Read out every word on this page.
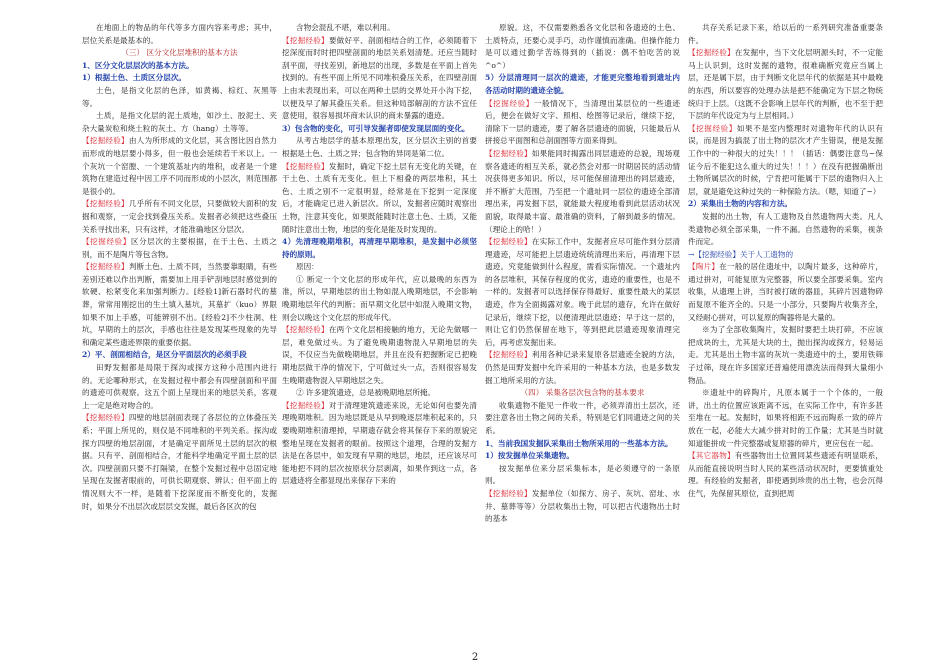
在地面上的物品的年代等多方面内容来考虑；其中，层位关系是最基本的。

（三） 区分文化层堆积的基本方法

1、区分文化层层次的基本方法。

1）根据土色、土质区分层次。

土色，是指文化层的色泽，如黄褐、棕红、灰黑等等。

土质，是指文化层的泥土质地，如沙土、胶泥土、夹杂大量炭粒和烧土粒的灰土、方（hang）土等等。

【挖掘经验】由人为所形成的文化层，其含图比因自然力而形成的地层要小得多，但一般也会延续若干米以上。一个灰坑一个窑膛、一个建筑基址内的堆积，或者是一个建筑物在建造过程中因工序不同而形成的小层次，则范围都是很小的。

【挖掘经验】几乎所有不同文化层，只要做较大面积的发掘和观察，一定会找到叠压关系。发掘者必须把这些叠压关系寻找出来，只有这样，才能准确地区分层次。

【挖掘经验】区分层次的主要根据，在于土色、土质之别，而不是陶片等包含物。

【挖掘经验】判断土色、土质不同，当然要靠眼睛，有些差别还难以作出判断，需要加上用手铲刮地层时感觉到的软硬、松紧变化来加强判断力。[经验1]新石器时代的墓葬，常常用刚挖出的生土填入墓坑，其墓扩（kuo）界限如果不加上手感，可能辨别不出。[经验2]不少柱洞、柱坑，早期的土的层次，手感也往往是发现某些现象的先导和确定某些遗迹界限的重要依据。

2）平、剖面相结合，是区分平面层次的必须手段

田野发掘都是局限于探沟或探方这种小范围内进行的。无论哪种形式，在发掘过程中都会有四壁剖面和平面的遗迹可供观察。这五个面上呈现出来的地层关系，客观上一定是绝对吻合的。

【挖掘经验】四壁的地层剖面表现了各层位的立体叠压关系；平面上所见的，则仅是不同堆积的平列关系。探沟或探方四壁的地层剖面，才是确定平面所见土层的层次的根据。只有平、剖面相结合，才能科学地确定平面土层的层次。四壁剖面只要不打隔梁，在整个发掘过程中总固定地呈现在发掘者眼前的，可供长期观察、辨认；但平面上的情况则大不一样，是随着下挖深度而不断变化的，发掘时，如果分不出层次或层层交发掘，最后各区次的包

含物会混乱不堪，难以利用。

【挖掘经验】要做好平、剖面相结合的工作，必须随着下挖深度而时时把四壁剖面的地层关系划清楚。还应当随时刮平面，寻找差别，新地层的出现，多数是在平面上首先找到的。有些平面上所见不同堆积叠压关系，在四壁剖面上由未表现出来，可以在两种土层的交界处开小沟下挖，以便及早了解其叠压关系。但这种局部解剖的方法不宜任意使用，很容易损坏商未认识的商未暴露的遗迹。

3）包含物的变化，可引导发掘者即使发现层面的变化。

从考古地层学的基本原理出发，区分层次主别的首要根据是土色、土质之异；包含物的异同是第二位。

【挖掘经验】发掘时，确定下挖土层有无变化的关键，在于土色、土质有无变化。但上下相叠的两层堆积，其土色、土质之别不一定很明显，经常是在下挖到一定深度后，才能确定已进入新层次。所以，发掘者应随时观察出土物，注意其变化，如果既能随时注意土色、土质，又能随时注意出土物，地层的变化是能及时发现的。

4）先清理晚期堆积，再清理早期堆积，是发掘中必须坚持的原则。

原因：

① 断定一个文化层的形成年代，应以最晚的东西为准，所以，早期地层的出土物如混入晚期地层，不会影响晚期地层年代的判断；而早期文化层中如混入晚期文物，则会以晚这个文化层的形成年代。

【挖掘经验】在两个文化层相接触的地方，无论先做哪一层，难免做过头。为了避免晚期遗物混入早期地层的失误，不仅应当先做晚期地层，并且在没有把握断定已把晚期地层做干净的情况下，宁可做过头一点，否则很容易发生晚期遗物混入早期地层之失。

② 许多建筑遗迹，总是被晚期地层所掩。

【挖掘经验】对于清理建筑遗迹来说，无论如何也要先清理晚期堆积。因为地层既是从早到晚逐层堆积起来的，只要晚期堆积清理掉，早期遗存就会将其保存下来的原貌完整地呈现在发掘者的眼前。按照这个道理，合理的发掘方法是在各层中，如发现有早期的地层，地层，还应该尽可能地把不同的层次按原状分层剥离，如果作到这一点，各层遗迹将全都显现出来保存下来的

原貌。这，不仅需要熟悉各文化层和各遗迹的土色、土质特点，还要心灵手巧，动作谨慎而准确。但操作能力是可以通过勤学苦练得到的（插说：偶不怕吃苦的说^o^）

5）分层清理同一层次的遗迹，才能更完整地看到遗址内各活动时期的遗迹全貌。

【挖掘经验】一般情况下，当清理出某层位的一些遗迹后，便会在做好文字、照相、绘图等记录后，继续下挖，清除下一层的遗迹，要了解各层遗迹的面貌，只能最后从拼接总平面图和总剖面图等方面来得到。

【挖掘经验】如果能同时揭露出同层遗迹的总貌，现场观察各遗迹的相互关系，就必然会对那一时期居民的活动情况获得更多知识。所以，尽可能保留清理出的同层遗迹，并不断扩大范围，乃至把一个遗址同一层位的遗迹全部清理出来，再发掘下层，就能最大程度地看到此层活动状况面貌，取得最丰富、最准确的资料，了解到最多的情况。（理论上的哈！）

【挖掘经验】在实际工作中，发掘者应尽可能作到分层清理遗迹，尽可能把上层遗迹统统清理出来后，再清理下层遗迹。究竟能做到什么程度，需看实际情况。一个遗址内的各层堆积，其保存程度的优劣，遗迹的重要性，也是不一样的。发掘者可以选择保存得最好、重要性最大的某层遗迹，作为全面揭露对象。晚于此层的遗存，允许在做好记录后，继续下挖，以便清理此层遗迹；早于这一层的，则让它们仍然保留在地下，等到把此层遗迹现象清理完后，再考虑发掘出来。

【挖掘经验】利用各种记录来复原各层遗迹全貌的方法，仍然是田野发掘中允许采用的一种基本方法，也是多数发掘工地所采用的方法。

（四） 采集各层次包含物的基本要求

收集遗物不能见一件收一件，必须弄清出土层次，还要注意各出土物之间的关系，特别是它们同遗迹之间的关系。

1、当前我国发掘队采集出土物所采用的一些基本方法。

1）按发掘单位采集遗物。

按发掘单位来分层采集标本，是必须遵守的一条原则。

【挖掘经验】发掘单位（如探方、房子、灰坑、窑址、水井、墓葬等等）分层收集出土物，可以把古代遗物出土时的基本

共存关系记录下来，给以后的一系列研究准备重要条件。

【挖掘经验】在发掘中，当下文化层明源头时，不一定能马上认识到，这时发掘的遗物，很难确断究竟应当属上层，还是属下层，由于判断文化层年代的依据是其中最晚的东西，所以要容的处理办法是把不能确定为下层之物统统归于上层。（这既不会影响上层年代的判断，也不至于把下层的年代设定为与上层相同。）

【挖掘经验】如果不是室内整理时对遗物年代的认识有误，而是因为搞混了出土物的层次才产生错误，便是发掘工作中的一种很大的过失！！！（插话：偶要注意鸟~保证今后不能犯这么重大的过失！！！）在没有把握确断出土物所属层次的时候，宁肯把可能属于下层的遗物归入上层，就是避免这种过失的一种保险方法。（嗯，知道了~）

2）采集出土物的内容和方法。

发掘的出土物，有人工遗物及自然遗物两大类。凡人类遗物必须全部采集，一件不漏。自然遗物的采集，视条件而定。

→【挖掘经验】关于人工遗物的

【陶片】在一般的居住遗址中，以陶片最多，这种碎片，通过拼对，可能复原为完整器，所以要全部要采集。室内收集，从遗理上讲，当时被打破的器皿，其碎片因遗物碎而复原不能齐全的。只是一小部分，只要陶片收集齐全，又经耐心拼对，可以复原的陶器将是大量的。

※为了全部收集陶片，发掘时要把土块打碎，不应该把成块的土，尤其是大块的土，抛出探沟或探方，轻易运走。尤其是出土物丰富的灰坑一类遗迹中的土，要用铁筛子过筛，现在许多国家还普遍使用漂洗法而得到大量细小物品。

※遗址中的碎陶片，凡原本属于一个个体的，一般讲，出土的位置应该距离不远，在实际工作中，有许多甚至堆在一起。发掘时，如果将相距不远而陶系一致的碎片放在一起，必能大大减少拼对时的工作量；尤其是当时就知道能拼成一件完整器或复原器的碎片，更应包在一起。

【其它器物】有些器物出土位置同某些遗迹有明显联系，从而能直接说明当时人民的某些活动状况时，更要慎重处理。有经验的发掘者，即使遇到珍贵的出土物，也会沉得住气，先保留其原位，直到把周

2
